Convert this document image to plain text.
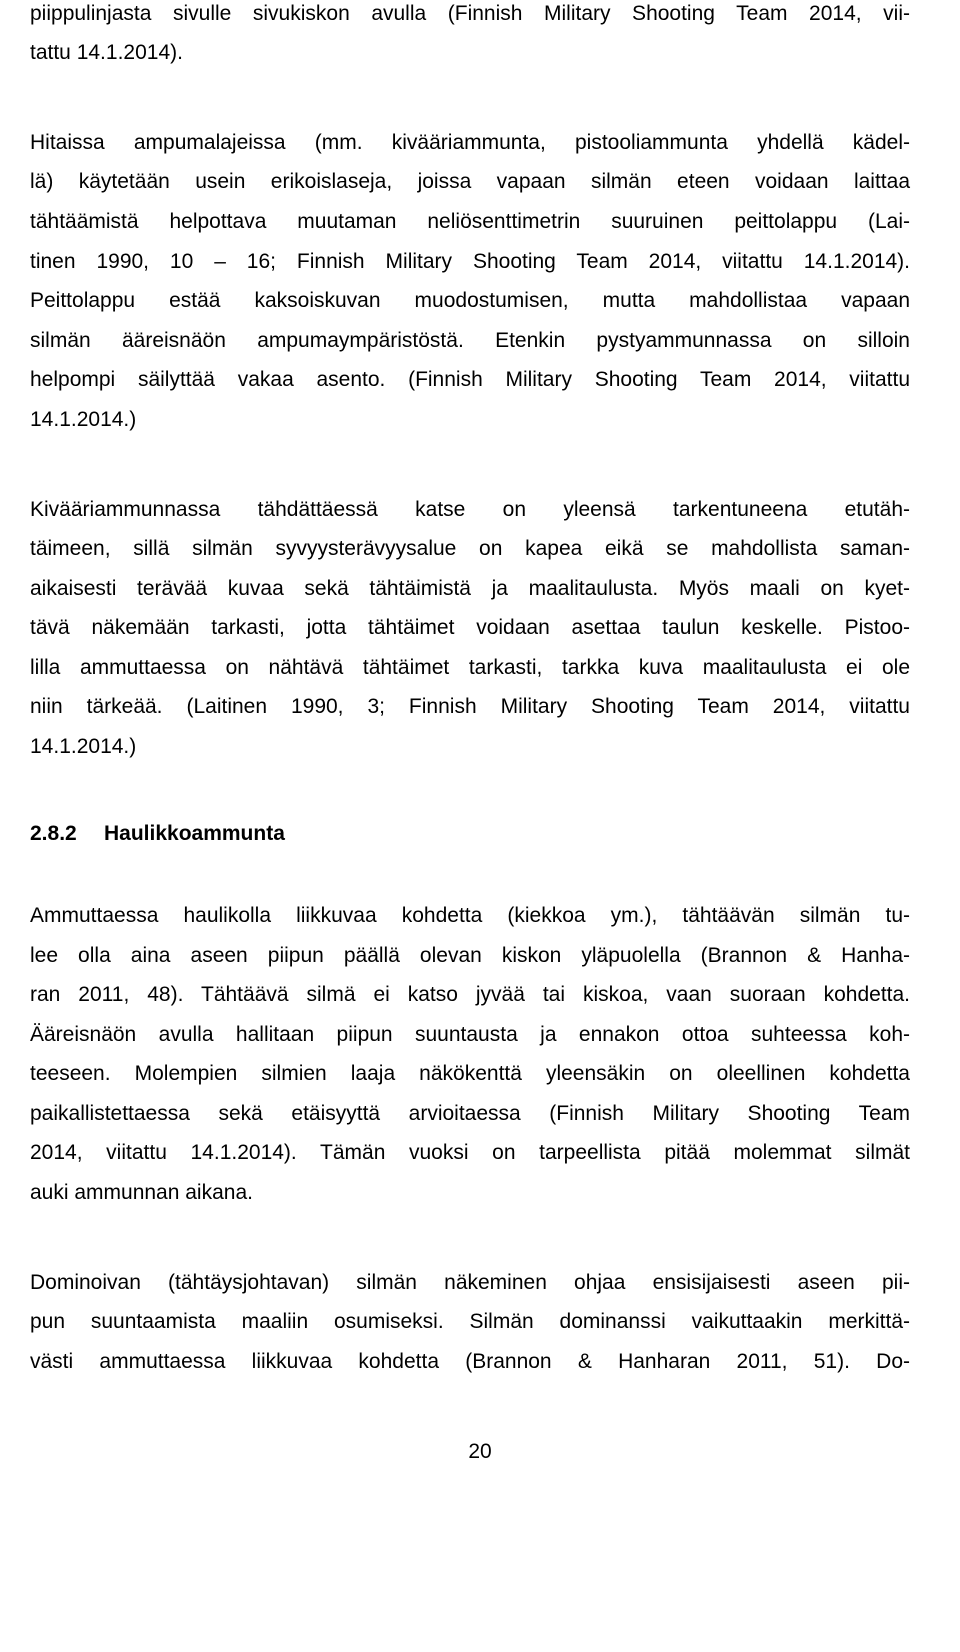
piippulinjasta sivulle sivukiskon avulla (Finnish Military Shooting Team 2014, vii-

tattu 14.1.2014).

Hitaissa ampumalajeissa (mm. kivääriammunta, pistooliammunta yhdellä kädel-

lä) käytetään usein erikoislaseja, joissa vapaan silmän eteen voidaan laittaa

tähtäämistä helpottava muutaman neliösenttimetrin suuruinen peittolappu (Lai-

tinen 1990, 10 – 16; Finnish Military Shooting Team 2014, viitattu 14.1.2014).

Peittolappu estää kaksoiskuvan muodostumisen, mutta mahdollistaa vapaan

silmän ääreisnäön ampumaympäristöstä. Etenkin pystyammunnassa on silloin

helpompi säilyttää vakaa asento. (Finnish Military Shooting Team 2014, viitattu

14.1.2014.)

Kivääriammunnassa tähdättäessä katse on yleensä tarkentuneena etutäh-

täimeen, sillä silmän syvyysterävyysalue on kapea eikä se mahdollista saman-

aikaisesti terävää kuvaa sekä tähtäimistä ja maalitaulusta. Myös maali on kyet-

tävä näkemään tarkasti, jotta tähtäimet voidaan asettaa taulun keskelle. Pistoo-

lilla ammuttaessa on nähtävä tähtäimet tarkasti, tarkka kuva maalitaulusta ei ole

niin tärkeää. (Laitinen 1990, 3; Finnish Military Shooting Team 2014, viitattu

14.1.2014.)

2.8.2 Haulikkoammunta

Ammuttaessa haulikolla liikkuvaa kohdetta (kiekkoa ym.), tähtäävän silmän tu-

lee olla aina aseen piipun päällä olevan kiskon yläpuolella (Brannon & Hanha-

ran 2011, 48). Tähtäävä silmä ei katso jyvää tai kiskoa, vaan suoraan kohdetta.

Ääreisnäön avulla hallitaan piipun suuntausta ja ennakon ottoa suhteessa koh-

teeseen. Molempien silmien laaja näkökenttä yleensäkin on oleellinen kohdetta

paikallistettaessa sekä etäisyyttä arvioitaessa (Finnish Military Shooting Team

2014, viitattu 14.1.2014). Tämän vuoksi on tarpeellista pitää molemmat silmät

auki ammunnan aikana.

Dominoivan (tähtäysjohtavan) silmän näkeminen ohjaa ensisijaisesti aseen pii-

pun suuntaamista maaliin osumiseksi. Silmän dominanssi vaikuttaakin merkittä-

västi ammuttaessa liikkuvaa kohdetta (Brannon & Hanharan 2011, 51). Do-

20
